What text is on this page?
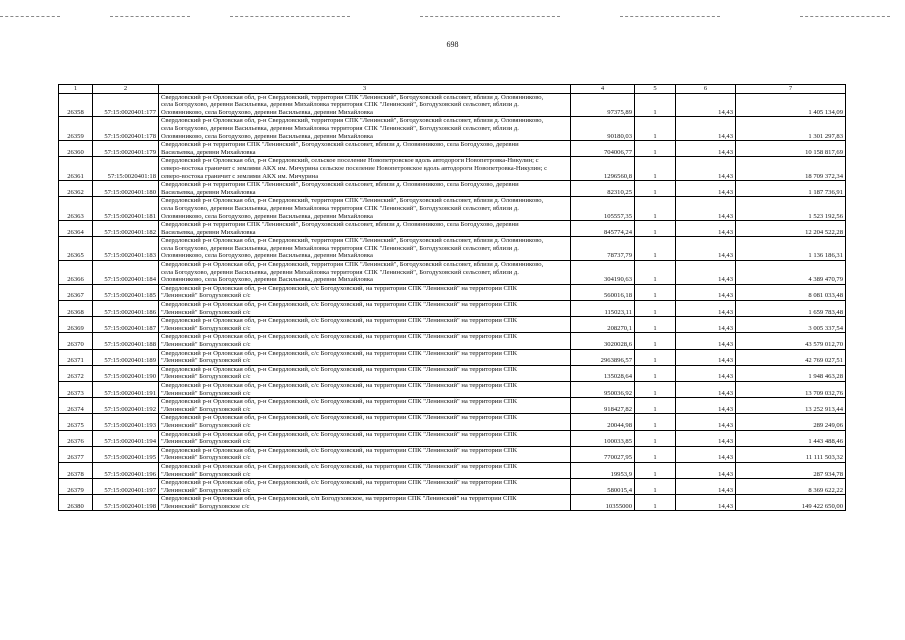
698
1	2	3	4	5	6	7
26358	57:15:0020401:177	Свердловский р-н Орловская обл, р-н Свердловский, территория СПК "Ленинский", Богодуховский сельсовет, вблизи д. Оловянниково,
села Богодухово, деревни Васильевка, деревни Михайловка территория СПК "Ленинский", Богодуховский сельсовет, вблизи д.
Оловянниково, села Богодухово, деревни Васильевка, деревни Михайловка	97375,89	1	14,43	1 405 134,09
26359	57:15:0020401:178	Свердловский р-н Орловская обл, р-н Свердловский, территория СПК "Ленинский", Богодуховский сельсовет, вблизи д. Оловянниково,
села Богодухово, деревни Васильевка, деревни Михайловка территория СПК "Ленинский", Богодуховский сельсовет, вблизи д.
Оловянниково, села Богодухово, деревни Васильевка, деревни Михайловка	90180,03	1	14,43	1 301 297,83
26360	57:15:0020401:179	Свердловский р-н территория СПК "Ленинский", Богодуховский сельсовет, вблизи д. Оловянниково, села Богодухово, деревни
Васильевка, деревни Михайловка	704006,77	1	14,43	10 158 817,69
26361	57:15:0020401:18	Свердловский р-н Орловская обл, р-н Свердловский, сельское поселение Новопетровское вдоль автодороги Новопетровка-Никулин; с
северо-востока граничит с землями АКХ им. Мичурина сельское поселение Новопетровское вдоль автодороги Новопетровка-Никулин; с
северо-востока граничит с землями АКХ им. Мичурина	1296560,8	1	14,43	18 709 372,34
26362	57:15:0020401:180	Свердловский р-н территория СПК "Ленинский", Богодуховский сельсовет, вблизи д. Оловянниково, села Богодухово, деревни
Васильевка, деревни Михайловка	82310,25	1	14,43	1 187 736,91
26363	57:15:0020401:181	Свердловский р-н Орловская обл, р-н Свердловский, территория СПК "Ленинский", Богодуховский сельсовет, вблизи д. Оловянниково,
села Богодухово, деревни Васильевка, деревни Михайловка территория СПК "Ленинский", Богодуховский сельсовет, вблизи д.
Оловянниково, села Богодухово, деревни Васильевка, деревни Михайловка	105557,35	1	14,43	1 523 192,56
26364	57:15:0020401:182	Свердловский р-н территория СПК "Ленинский", Богодуховский сельсовет, вблизи д. Оловянниково, села Богодухово, деревни
Васильевка, деревни Михайловка	845774,24	1	14,43	12 204 522,28
26365	57:15:0020401:183	Свердловский р-н Орловская обл, р-н Свердловский, территория СПК "Ленинский", Богодуховский сельсовет, вблизи д. Оловянниково,
села Богодухово, деревни Васильевка, деревни Михайловка территория СПК "Ленинский", Богодуховский сельсовет, вблизи д.
Оловянниково, села Богодухово, деревни Васильевка, деревни Михайловка	78737,79	1	14,43	1 136 186,31
26366	57:15:0020401:184	Свердловский р-н Орловская обл, р-н Свердловский, территория СПК "Ленинский", Богодуховский сельсовет, вблизи д. Оловянниково,
села Богодухово, деревни Васильевка, деревни Михайловка территория СПК "Ленинский", Богодуховский сельсовет, вблизи д.
Оловянниково, села Богодухово, деревни Васильевка, деревни Михайловка	304190,63	1	14,43	4 389 470,79
26367	57:15:0020401:185	Свердловский р-н Орловская обл, р-н Свердловский, с/с Богодуховский, на территории СПК "Ленинский" на территории СПК
"Ленинский" Богодуховский с/с	560016,18	1	14,43	8 081 033,48
26368	57:15:0020401:186	Свердловский р-н Орловская обл, р-н Свердловский, с/с Богодуховский, на территории СПК "Ленинский" на территории СПК
"Ленинский" Богодуховский с/с	115023,11	1	14,43	1 659 783,48
26369	57:15:0020401:187	Свердловский р-н Орловская обл, р-н Свердловский, с/с Богодуховский, на территории СПК "Ленинский" на территории СПК
"Ленинский" Богодуховский с/с	208270,1	1	14,43	3 005 337,54
26370	57:15:0020401:188	Свердловский р-н Орловская обл, р-н Свердловский, с/с Богодуховский, на территории СПК "Ленинский" на территории СПК
"Ленинский" Богодуховский с/с	3020028,6	1	14,43	43 579 012,70
26371	57:15:0020401:189	Свердловский р-н Орловская обл, р-н Свердловский, с/с Богодуховский, на территории СПК "Ленинский" на территории СПК
"Ленинский" Богодуховский с/с	2963896,57	1	14,43	42 769 027,51
26372	57:15:0020401:190	Свердловский р-н Орловская обл, р-н Свердловский, с/с Богодуховский, на территории СПК "Ленинский" на территории СПК
"Ленинский" Богодуховский с/с	135028,64	1	14,43	1 948 463,28
26373	57:15:0020401:191	Свердловский р-н Орловская обл, р-н Свердловский, с/с Богодуховский, на территории СПК "Ленинский" на территории СПК
"Ленинский" Богодуховский с/с	950036,92	1	14,43	13 709 032,76
26374	57:15:0020401:192	Свердловский р-н Орловская обл, р-н Свердловский, с/с Богодуховский, на территории СПК "Ленинский" на территории СПК
"Ленинский" Богодуховский с/с	918427,82	1	14,43	13 252 913,44
26375	57:15:0020401:193	Свердловский р-н Орловская обл, р-н Свердловский, с/с Богодуховский, на территории СПК "Ленинский" на территории СПК
"Ленинский" Богодуховский с/с	20044,98	1	14,43	289 249,06
26376	57:15:0020401:194	Свердловский р-н Орловская обл, р-н Свердловский, с/с Богодуховский, на территории СПК "Ленинский" на территории СПК
"Ленинский" Богодуховский с/с	100033,85	1	14,43	1 443 488,46
26377	57:15:0020401:195	Свердловский р-н Орловская обл, р-н Свердловский, с/с Богодуховский, на территории СПК "Ленинский" на территории СПК
"Ленинский" Богодуховский с/с	770027,95	1	14,43	11 111 503,32
26378	57:15:0020401:196	Свердловский р-н Орловская обл, р-н Свердловский, с/с Богодуховский, на территории СПК "Ленинский" на территории СПК
"Ленинский" Богодуховский с/с	19953,9	1	14,43	287 934,78
26379	57:15:0020401:197	Свердловский р-н Орловская обл, р-н Свердловский, с/с Богодуховский, на территории СПК "Ленинский" на территории СПК
"Ленинский" Богодуховский с/с	580015,4	1	14,43	8 369 622,22
26380	57:15:0020401:198	Свердловский р-н Орловская обл, р-н Свердловский, с/п Богодуховское, на территории СПК "Ленинский" на территории СПК
"Ленинский" Богодуховское с/с	10355000	1	14,43	149 422 650,00
